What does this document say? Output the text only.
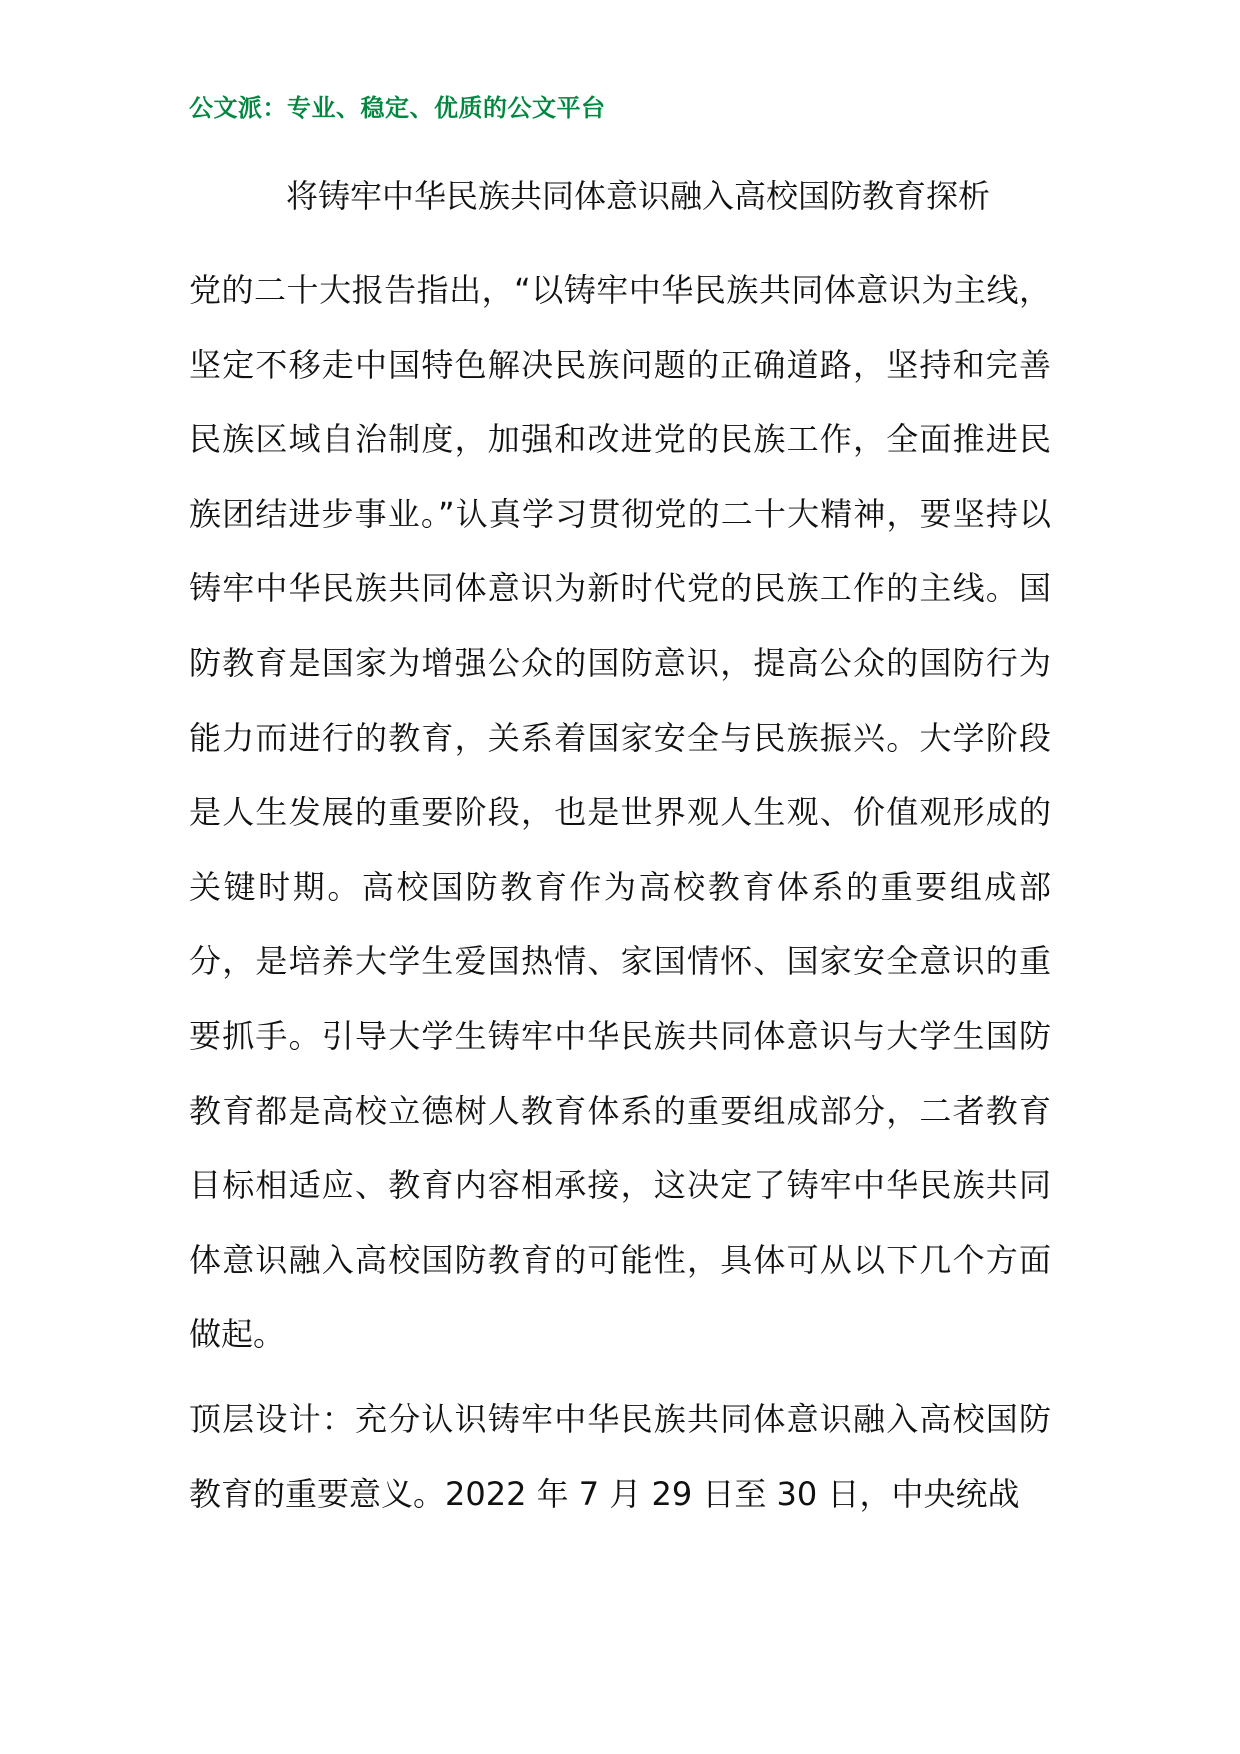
公文派：专业、稳定、优质的公文平台
将铸牢中华民族共同体意识融入高校国防教育探析

党的二十大报告指出，“以铸牢中华民族共同体意识为主线，坚定不移走中国特色解决民族问题的正确道路，坚持和完善民族区域自治制度，加强和改进党的民族工作，全面推进民族团结进步事业。”认真学习贯彻党的二十大精神，要坚持以铸牢中华民族共同体意识为新时代党的民族工作的主线。国防教育是国家为增强公众的国防意识，提高公众的国防行为能力而进行的教育，关系着国家安全与民族振兴。大学阶段是人生发展的重要阶段，也是世界观人生观、价值观形成的关键时期。高校国防教育作为高校教育体系的重要组成部分，是培养大学生爱国热情、家国情怀、国家安全意识的重要抓手。引导大学生铸牢中华民族共同体意识与大学生国防教育都是高校立德树人教育体系的重要组成部分，二者教育目标相适应、教育内容相承接，这决定了铸牢中华民族共同体意识融入高校国防教育的可能性，具体可从以下几个方面做起。

顶层设计：充分认识铸牢中华民族共同体意识融入高校国防教育的重要意义。2022 年 7 月 29 日至 30 日，中央统战
